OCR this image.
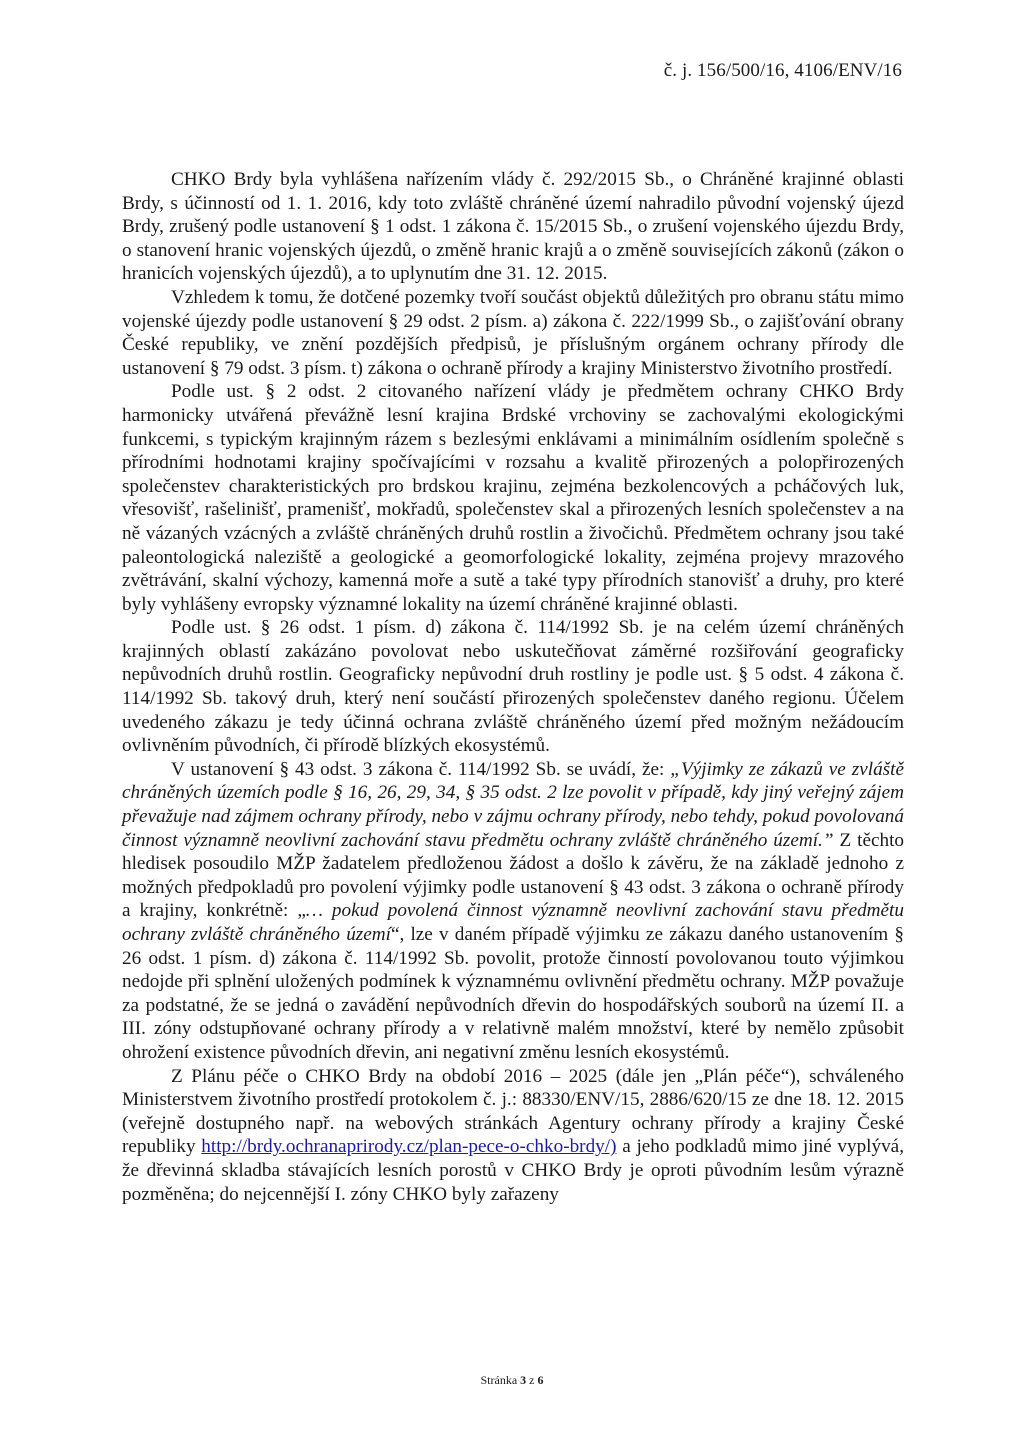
č. j. 156/500/16, 4106/ENV/16

CHKO Brdy byla vyhlášena nařízením vlády č. 292/2015 Sb., o Chráněné krajinné oblasti Brdy, s účinností od 1. 1. 2016, kdy toto zvláště chráněné území nahradilo původní vojenský újezd Brdy, zrušený podle ustanovení § 1 odst. 1 zákona č. 15/2015 Sb., o zrušení vojenského újezdu Brdy, o stanovení hranic vojenských újezdů, o změně hranic krajů a o změně souvisejících zákonů (zákon o hranicích vojenských újezdů), a to uplynutím dne 31. 12. 2015.

Vzhledem k tomu, že dotčené pozemky tvoří součást objektů důležitých pro obranu státu mimo vojenské újezdy podle ustanovení § 29 odst. 2 písm. a) zákona č. 222/1999 Sb., o zajišťování obrany České republiky, ve znění pozdějších předpisů, je příslušným orgánem ochrany přírody dle ustanovení § 79 odst. 3 písm. t) zákona o ochraně přírody a krajiny Ministerstvo životního prostředí.

Podle ust. § 2 odst. 2 citovaného nařízení vlády je předmětem ochrany CHKO Brdy harmonicky utvářená převážně lesní krajina Brdské vrchoviny se zachovalými ekologickými funkcemi, s typickým krajinným rázem s bezlesými enklávami a minimálním osídlením společně s přírodními hodnotami krajiny spočívajícími v rozsahu a kvalitě přirozených a polopřirozených společenstev charakteristických pro brdskou krajinu, zejména bezkolencových a pcháčových luk, vřesovišť, rašelinišť, pramenišť, mokřadů, společenstev skal a přirozených lesních společenstev a na ně vázaných vzácných a zvláště chráněných druhů rostlin a živočichů. Předmětem ochrany jsou také paleontologická naleziště a geologické a geomorfologické lokality, zejména projevy mrazového zvětrávání, skalní výchozy, kamenná moře a sutě a také typy přírodních stanovišť a druhy, pro které byly vyhlášeny evropsky významné lokality na území chráněné krajinné oblasti.

Podle ust. § 26 odst. 1 písm. d) zákona č. 114/1992 Sb. je na celém území chráněných krajinných oblastí zakázáno povolovat nebo uskutečňovat záměrné rozšiřování geograficky nepůvodních druhů rostlin. Geograficky nepůvodní druh rostliny je podle ust. § 5 odst. 4 zákona č. 114/1992 Sb. takový druh, který není součástí přirozených společenstev daného regionu. Účelem uvedeného zákazu je tedy účinná ochrana zvláště chráněného území před možným nežádoucím ovlivněním původních, či přírodě blízkých ekosystémů.

V ustanovení § 43 odst. 3 zákona č. 114/1992 Sb. se uvádí, že: „Výjimky ze zákazů ve zvláště chráněných územích podle § 16, 26, 29, 34, § 35 odst. 2 lze povolit v případě, kdy jiný veřejný zájem převažuje nad zájmem ochrany přírody, nebo v zájmu ochrany přírody, nebo tehdy, pokud povolovaná činnost významně neovlivní zachování stavu předmětu ochrany zvláště chráněného území.” Z těchto hledisek posoudilo MŽP žadatelem předloženou žádost a došlo k závěru, že na základě jednoho z možných předpokladů pro povolení výjimky podle ustanovení § 43 odst. 3 zákona o ochraně přírody a krajiny, konkrétně: „… pokud povolená činnost významně neovlivní zachování stavu předmětu ochrany zvláště chráněného území“, lze v daném případě výjimku ze zákazu daného ustanovením § 26 odst. 1 písm. d) zákona č. 114/1992 Sb. povolit, protože činností povolovanou touto výjimkou nedojde při splnění uložených podmínek k významnému ovlivnění předmětu ochrany. MŽP považuje za podstatné, že se jedná o zavádění nepůvodních dřevin do hospodářských souborů na území II. a III. zóny odstupňované ochrany přírody a v relativně malém množství, které by nemělo způsobit ohrožení existence původních dřevin, ani negativní změnu lesních ekosystémů.

Z Plánu péče o CHKO Brdy na období 2016 – 2025 (dále jen „Plán péče“), schváleného Ministerstvem životního prostředí protokolem č. j.: 88330/ENV/15, 2886/620/15 ze dne 18. 12. 2015 (veřejně dostupného např. na webových stránkách Agentury ochrany přírody a krajiny České republiky http://brdy.ochranaprirody.cz/plan-pece-o-chko-brdy/) a jeho podkladů mimo jiné vyplývá, že dřevinná skladba stávajících lesních porostů v CHKO Brdy je oproti původním lesům výrazně pozměněna; do nejcennější I. zóny CHKO byly zařazeny

Stránka 3 z 6
